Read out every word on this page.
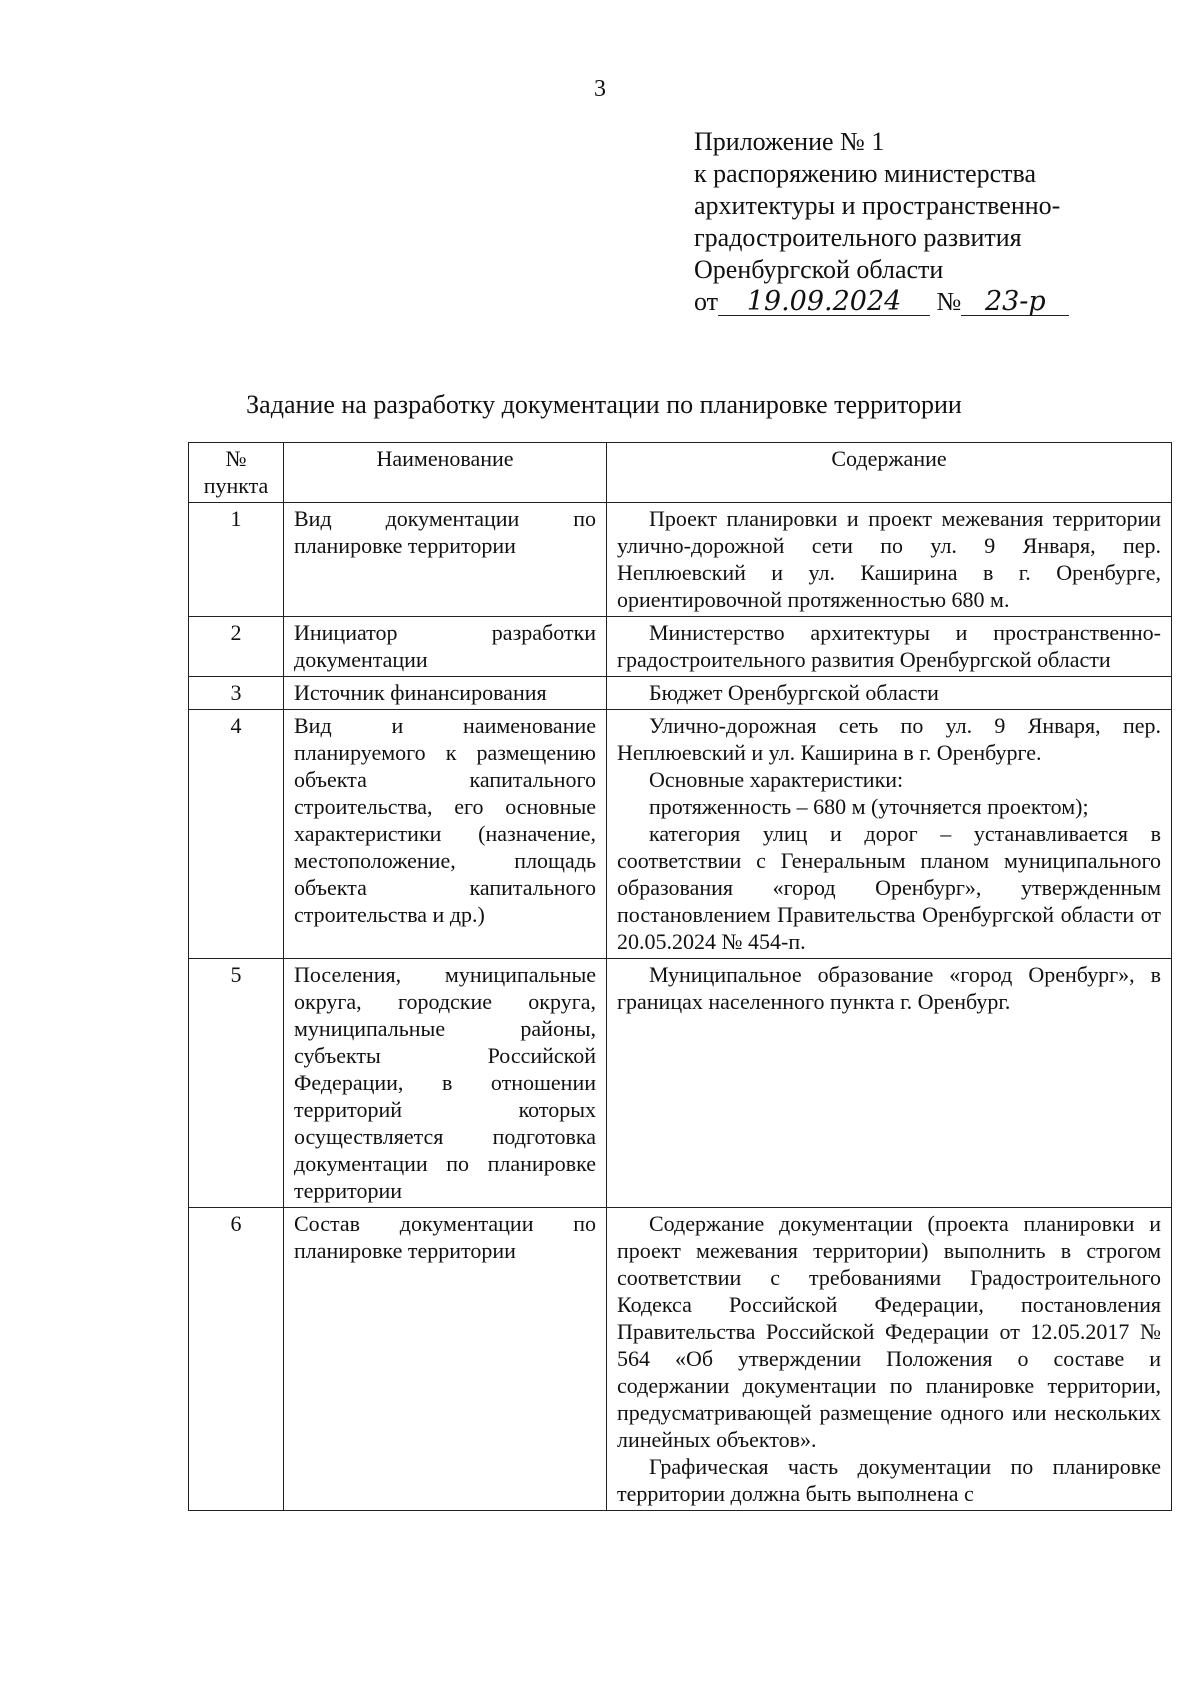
3
Приложение № 1
к распоряжению министерства
архитектуры и пространственно-
градостроительного развития
Оренбургской области
от 19.09.2024 № 23-р
Задание на разработку документации по планировке территории
№ пункта	Наименование	Содержание
1	Вид документации по планировке территории	Проект планировки и проект межевания территории улично-дорожной сети по ул. 9 Января, пер. Неплюевский и ул. Каширина в г. Оренбурге, ориентировочной протяженностью 680 м.

2	Инициатор разработки документации	Министерство архитектуры и пространственно-градостроительного развития Оренбургской области

3	Источник финансирования	Бюджет Оренбургской области

4	Вид и наименование планируемого к размещению объекта капитального строительства, его основные характеристики (назначение, местоположение, площадь объекта капитального строительства и др.)	Улично-дорожная сеть по ул. 9 Января, пер. Неплюевский и ул. Каширина в г. Оренбурге.
Основные характеристики:
протяженность – 680 м (уточняется проектом);
категория улиц и дорог – устанавливается в соответствии с Генеральным планом муниципального образования «город Оренбург», утвержденным постановлением Правительства Оренбургской области от 20.05.2024 № 454-п.

5	Поселения, муниципальные округа, городские округа, муниципальные районы, субъекты Российской Федерации, в отношении территорий которых осуществляется подготовка документации по планировке территории	Муниципальное образование «город Оренбург», в границах населенного пункта г. Оренбург.

6	Состав документации по планировке территории	Содержание документации (проекта планировки и проект межевания территории) выполнить в строгом соответствии с требованиями Градостроительного Кодекса Российской Федерации, постановления Правительства Российской Федерации от 12.05.2017 № 564 «Об утверждении Положения о составе и содержании документации по планировке территории, предусматривающей размещение одного или нескольких линейных объектов».
Графическая часть документации по планировке территории должна быть выполнена с
